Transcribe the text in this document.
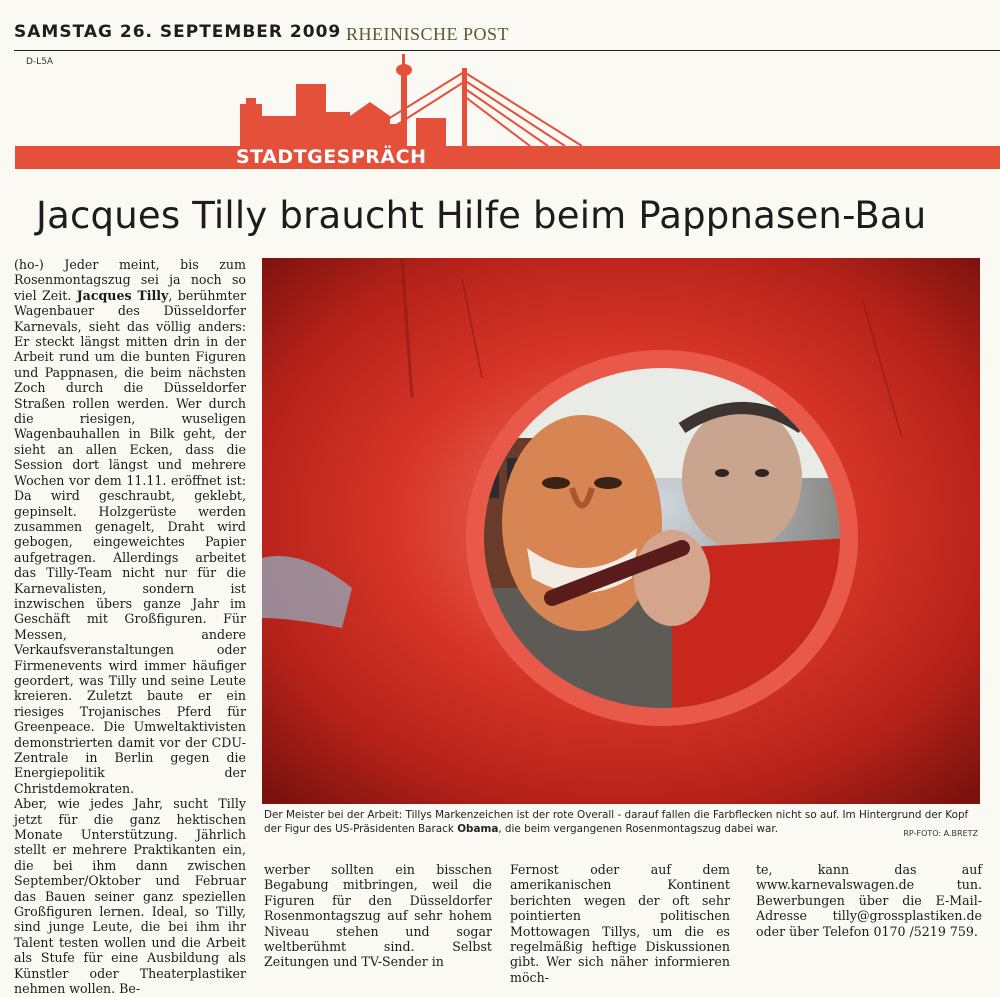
SAMSTAG 26. SEPTEMBER 2009 RHEINISCHE POST
D-L5A
STADTGESPRÄCH
Jacques Tilly braucht Hilfe beim Pappnasen-Bau

(ho-) Jeder meint, bis zum Rosenmontagszug sei ja noch so viel Zeit. Jacques Tilly, berühmter Wagenbauer des Düsseldorfer Karnevals, sieht das völlig anders: Er steckt längst mitten drin in der Arbeit rund um die bunten Figuren und Pappnasen, die beim nächsten Zoch durch die Düsseldorfer Straßen rollen werden. Wer durch die riesigen, wuseligen Wagenbauhallen in Bilk geht, der sieht an allen Ecken, dass die Session dort längst und mehrere Wochen vor dem 11.11. eröffnet ist: Da wird geschraubt, geklebt, gepinselt. Holzgerüste werden zusammen genagelt, Draht wird gebogen, eingeweichtes Papier aufgetragen. Allerdings arbeitet das Tilly-Team nicht nur für die Karnevalisten, sondern ist inzwischen übers ganze Jahr im Geschäft mit Großfiguren. Für Messen, andere Verkaufsveranstaltungen oder Firmenevents wird immer häufiger geordert, was Tilly und seine Leute kreieren. Zuletzt baute er ein riesiges Trojanisches Pferd für Greenpeace. Die Umweltaktivisten demonstrierten damit vor der CDU-Zentrale in Berlin gegen die Energiepolitik der Christdemokraten.

Aber, wie jedes Jahr, sucht Tilly jetzt für die ganz hektischen Monate Unterstützung. Jährlich stellt er mehrere Praktikanten ein, die bei ihm dann zwischen September/Oktober und Februar das Bauen seiner ganz speziellen Großfiguren lernen. Ideal, so Tilly, sind junge Leute, die bei ihm ihr Talent testen wollen und die Arbeit als Stufe für eine Ausbildung als Künstler oder Theaterplastiker nehmen wollen. Be-

Der Meister bei der Arbeit: Tillys Markenzeichen ist der rote Overall - darauf fallen die Farbflecken nicht so auf. Im Hintergrund der Kopf der Figur des US-Präsidenten Barack Obama, die beim vergangenen Rosenmontagszug dabei war.	RP-FOTO: A.BRETZ

werber sollten ein bisschen Begabung mitbringen, weil die Figuren für den Düsseldorfer Rosenmontagszug auf sehr hohem Niveau stehen und sogar weltberühmt sind. Selbst Zeitungen und TV-Sender in

Fernost oder auf dem amerikanischen Kontinent berichten wegen der oft sehr pointierten politischen Mottowagen Tillys, um die es regelmäßig heftige Diskussionen gibt. Wer sich näher informieren möch-

te, kann das auf www.karnevalswagen.de tun. Bewerbungen über die E-Mail-Adresse tilly@grossplastiken.de oder über Telefon 0170 /5219 759.
